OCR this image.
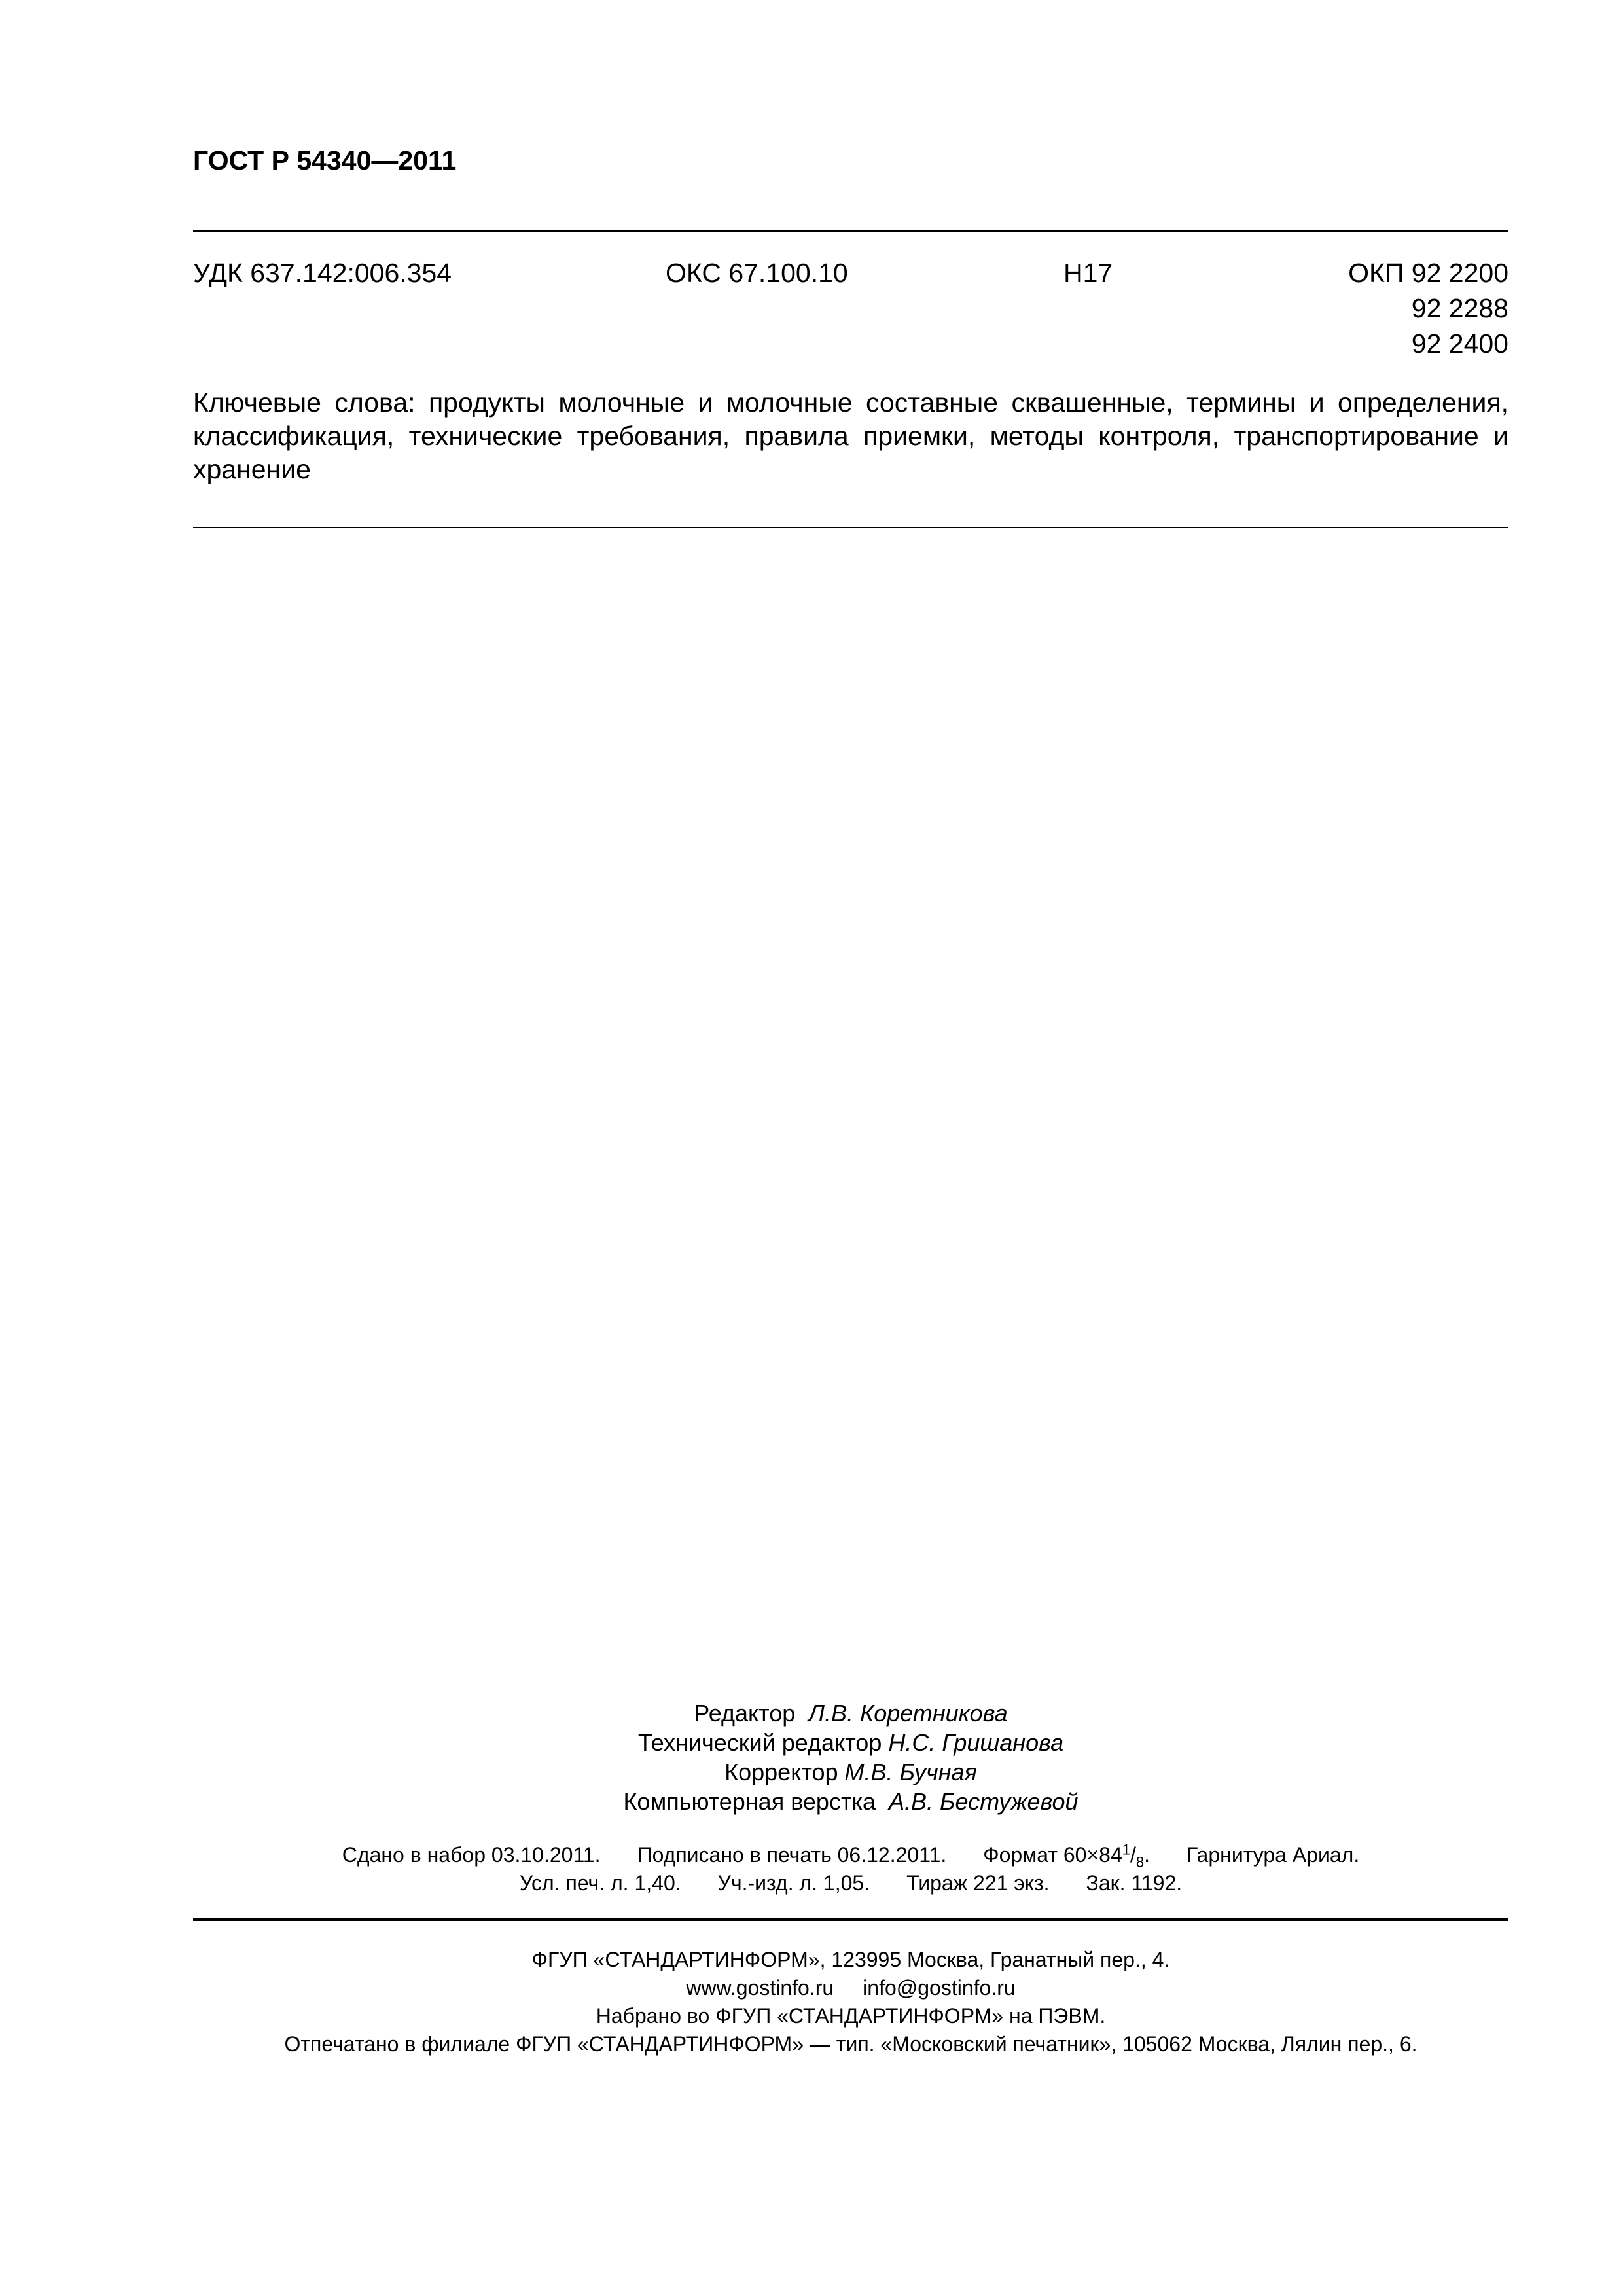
ГОСТ Р 54340—2011
УДК 637.142:006.354	ОКС 67.100.10	Н17	ОКП 92 2200
92 2288
92 2400
Ключевые слова: продукты молочные и молочные составные сквашенные, термины и определения, классификация, технические требования, правила приемки, методы контроля, транспортирование и хранение
Редактор Л.В. Коретникова
Технический редактор Н.С. Гришанова
Корректор М.В. Бучная
Компьютерная верстка А.В. Бестужевой
Сдано в набор 03.10.2011. Подписано в печать 06.12.2011. Формат $60\times 84^1/_8$. Гарнитура Ариал.
Усл. печ. л. 1,40. Уч.-изд. л. 1,05. Тираж 221 экз. Зак. 1192.
ФГУП «СТАНДАРТИНФОРМ», 123995 Москва, Гранатный пер., 4.
www.gostinfo.ru info@gostinfo.ru
Набрано во ФГУП «СТАНДАРТИНФОРМ» на ПЭВМ.
Отпечатано в филиале ФГУП «СТАНДАРТИНФОРМ» — тип. «Московский печатник», 105062 Москва, Лялин пер., 6.
